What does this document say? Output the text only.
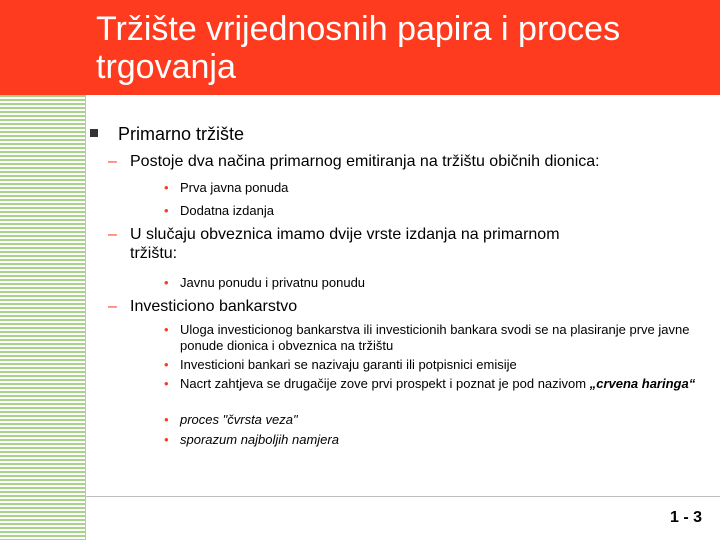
Tržište vrijednosnih papira i proces trgovanja
Primarno tržište
– Postoje dva načina primarnog emitiranja na tržištu običnih dionica:
• Prva javna ponuda
• Dodatna izdanja
– U slučaju obveznica imamo dvije vrste izdanja na primarnom tržištu:
• Javnu ponudu i privatnu ponudu
– Investiciono bankarstvo
• Uloga investicionog bankarstva ili investicionih bankara svodi se na plasiranje prve javne ponude dionica i obveznica na tržištu
• Investicioni bankari se nazivaju garanti ili potpisnici emisije
• Nacrt zahtjeva se drugačije zove prvi prospekt i poznat je pod nazivom „crvena haringa“
• proces "čvrsta veza"
• sporazum najboljih namjera
1 - 3
